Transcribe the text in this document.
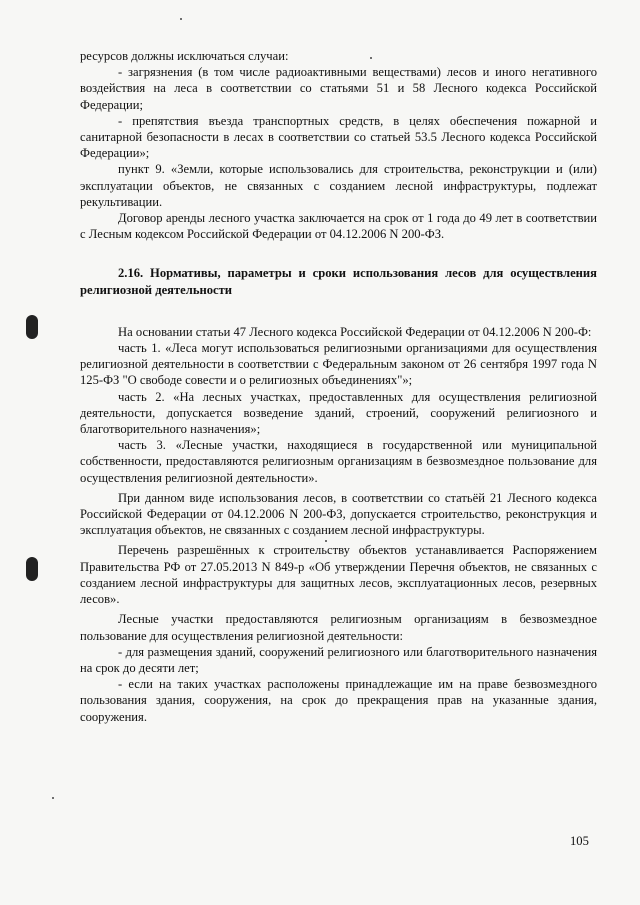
ресурсов должны исключаться случаи:

- загрязнения (в том числе радиоактивными веществами) лесов и иного негативного воздействия на леса в соответствии со статьями 51 и 58 Лесного кодекса Российской Федерации;

- препятствия въезда транспортных средств, в целях обеспечения пожарной и санитарной безопасности в лесах в соответствии со статьей 53.5 Лесного кодекса Российской Федерации»;

пункт 9. «Земли, которые использовались для строительства, реконструкции и (или) эксплуатации объектов, не связанных с созданием лесной инфраструктуры, подлежат рекультивации.

Договор аренды лесного участка заключается на срок от 1 года до 49 лет в соответствии с Лесным кодексом Российской Федерации от 04.12.2006 N 200-ФЗ.

2.16. Нормативы, параметры и сроки использования лесов для осуществления религиозной деятельности

На основании статьи 47 Лесного кодекса Российской Федерации от 04.12.2006 N 200-Ф:

часть 1. «Леса могут использоваться религиозными организациями для осуществления религиозной деятельности в соответствии с Федеральным законом от 26 сентября 1997 года N 125-ФЗ "О свободе совести и о религиозных объединениях"»;

часть 2. «На лесных участках, предоставленных для осуществления религиозной деятельности, допускается возведение зданий, строений, сооружений религиозного и благотворительного назначения»;

часть 3. «Лесные участки, находящиеся в государственной или муниципальной собственности, предоставляются религиозным организациям в безвозмездное пользование для осуществления религиозной деятельности».

При данном виде использования лесов, в соответствии со статьёй 21 Лесного кодекса Российской Федерации от 04.12.2006 N 200-ФЗ, допускается строительство, реконструкция и эксплуатация объектов, не связанных с созданием лесной инфраструктуры.

Перечень разрешённых к строительству объектов устанавливается Распоряжением Правительства РФ от 27.05.2013 N 849-р «Об утверждении Перечня объектов, не связанных с созданием лесной инфраструктуры для защитных лесов, эксплуатационных лесов, резервных лесов».

Лесные участки предоставляются религиозным организациям в безвозмездное пользование для осуществления религиозной деятельности:

- для размещения зданий, сооружений религиозного или благотворительного назначения на срок до десяти лет;

- если на таких участках расположены принадлежащие им на праве безвозмездного пользования здания, сооружения, на срок до прекращения прав на указанные здания, сооружения.

105
